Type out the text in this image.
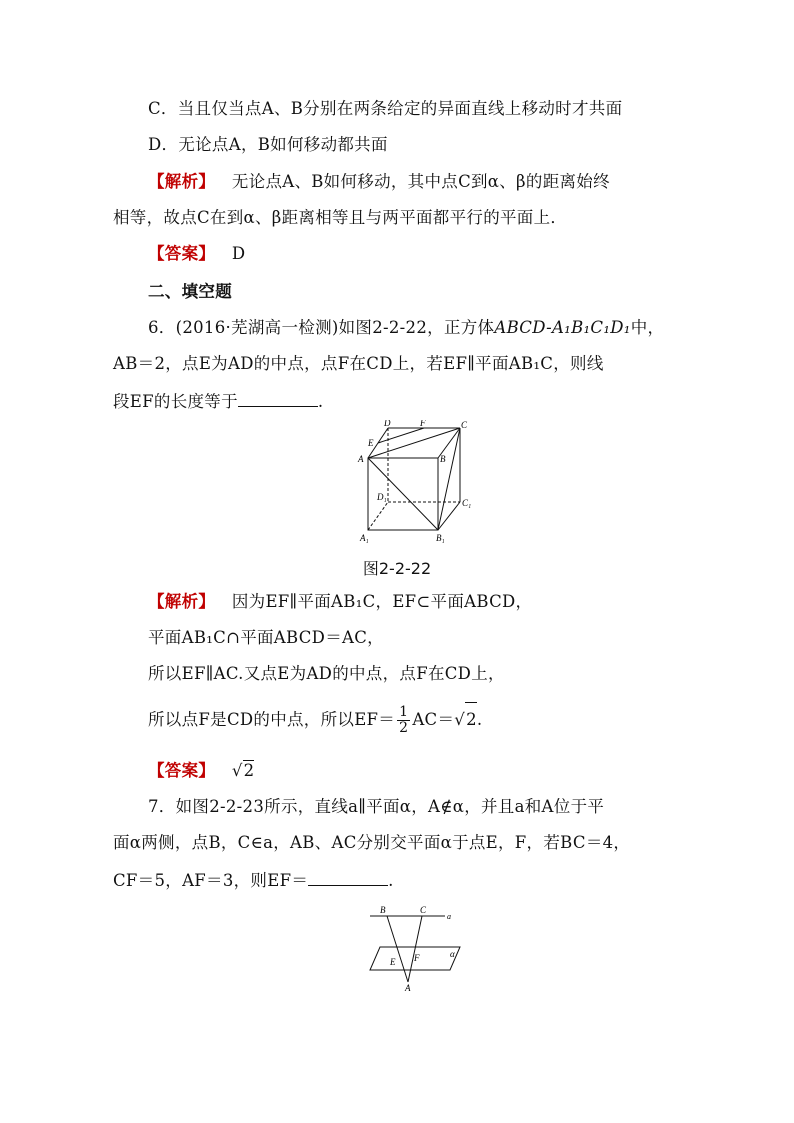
C．当且仅当点A、B分别在两条给定的异面直线上移动时才共面
D．无论点A，B如何移动都共面
【解析】 无论点A、B如何移动，其中点C到α、β的距离始终
相等，故点C在到α、β距离相等且与两平面都平行的平面上．
【答案】 D
二、填空题
6．(2016·芜湖高一检测)如图2-2-22，正方体ABCD-A₁B₁C₁D₁中，
AB＝2，点E为AD的中点，点F在CD上，若EF∥平面AB₁C，则线
段EF的长度等于	.
D	F	C
E
A	B
D₁
C₁
A₁	B₁
图2-2-22
【解析】 因为EF∥平面AB₁C，EF⊂平面ABCD，
平面AB₁C∩平面ABCD＝AC，
所以EF∥AC.又点E为AD的中点，点F在CD上，
所以点F是CD的中点，所以$EF= \frac{1}{2} AC=√2$.
【答案】   √2
7．如图2-2-23所示，直线a∥平面α，A∉α，并且a和A位于平
面α两侧，点B，C∈a，AB、AC分别交平面α于点E，F，若BC＝4，
CF＝5，AF＝3，则EF＝	.
B	C
a
α
E F
A
